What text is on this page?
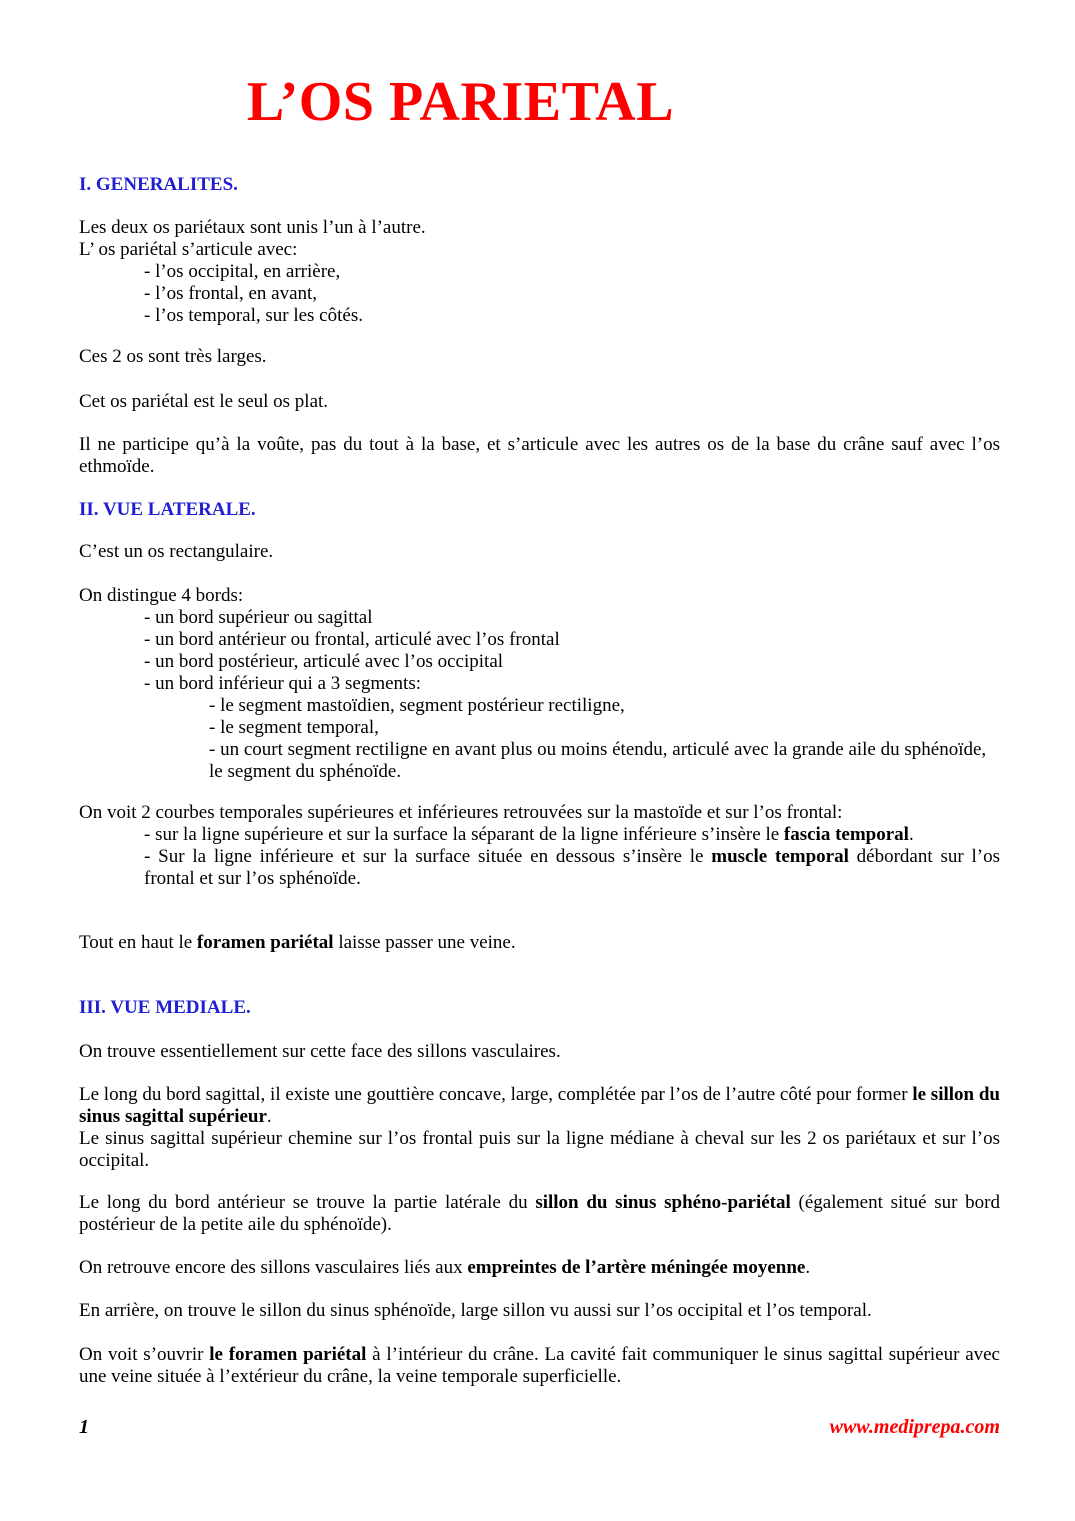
L’OS PARIETAL
I. GENERALITES.
Les deux os pariétaux sont unis l’un à l’autre.
L’ os pariétal s’articule avec:
- l’os occipital, en arrière,
- l’os frontal, en avant,
- l’os temporal, sur les côtés.
Ces 2 os sont très larges.
Cet os pariétal est le seul os plat.
Il ne participe qu’à la voûte, pas du tout à la base, et s’articule avec les autres os de la base du crâne sauf avec l’os ethmoïde.
II. VUE LATERALE.
C’est un os rectangulaire.
On distingue 4 bords:
- un bord supérieur ou sagittal
- un bord antérieur ou frontal, articulé avec l’os frontal
- un bord postérieur, articulé avec l’os occipital
- un bord inférieur qui a 3 segments:
- le segment mastoïdien, segment postérieur rectiligne,
- le segment temporal,
- un court segment rectiligne en avant plus ou moins étendu, articulé avec la grande aile du sphénoïde, le segment du sphénoïde.
On voit 2 courbes temporales supérieures et inférieures retrouvées sur la mastoïde et sur l’os frontal:
- sur la ligne supérieure et sur la surface la séparant de la ligne inférieure s’insère le fascia temporal.
- Sur la ligne inférieure et sur la surface située en dessous s’insère le muscle temporal débordant sur l’os frontal et sur l’os sphénoïde.
Tout en haut le foramen pariétal laisse passer une veine.
III. VUE MEDIALE.
On trouve essentiellement sur cette face des sillons vasculaires.
Le long du bord sagittal, il existe une gouttière concave, large, complétée par l’os de l’autre côté pour former le sillon du sinus sagittal supérieur.
Le sinus sagittal supérieur chemine sur l’os frontal puis sur la ligne médiane à cheval sur les 2 os pariétaux et sur l’os occipital.
Le long du bord antérieur se trouve la partie latérale du sillon du sinus sphéno-pariétal (également situé sur bord postérieur de la petite aile du sphénoïde).
On retrouve encore des sillons vasculaires liés aux empreintes de l’artère méningée moyenne.
En arrière, on trouve le sillon du sinus sphénoïde, large sillon vu aussi sur l’os occipital et l’os temporal.
On voit s’ouvrir le foramen pariétal à l’intérieur du crâne. La cavité fait communiquer le sinus sagittal supérieur avec une veine située à l’extérieur du crâne, la veine temporale superficielle.
1	www.mediprepa.com
